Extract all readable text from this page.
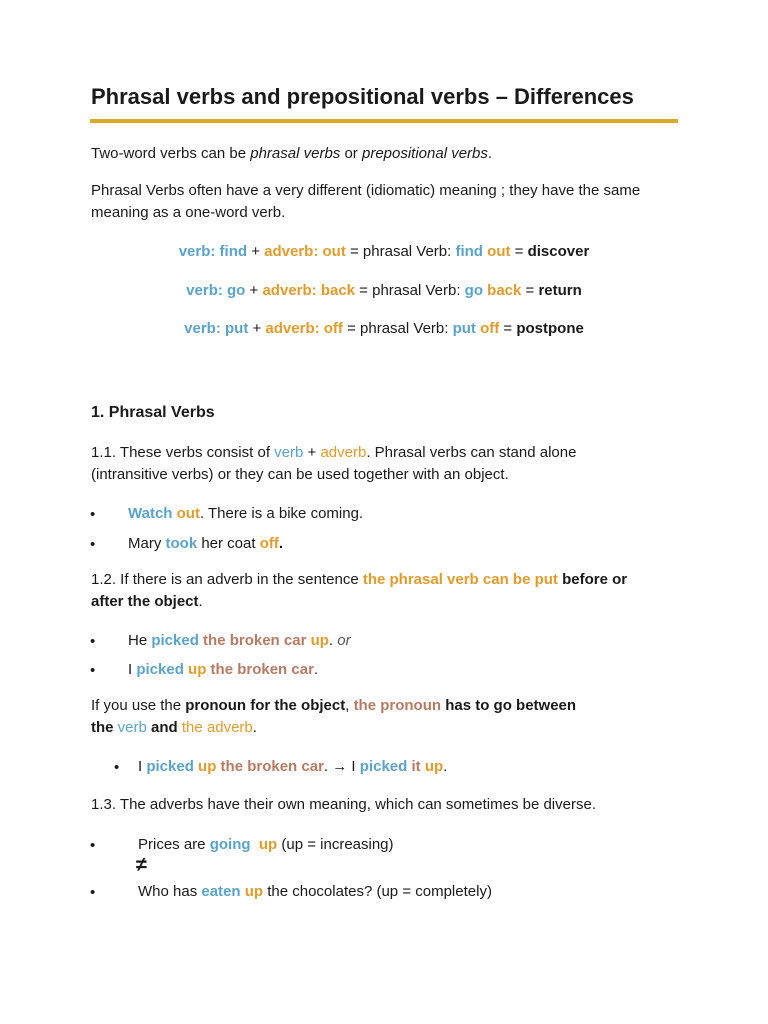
Phrasal verbs and prepositional verbs – Differences
Two-word verbs can be phrasal verbs or prepositional verbs.
Phrasal Verbs often have a very different (idiomatic) meaning ; they have the same
meaning as a one-word verb.
verb: find + adverb: out = phrasal Verb: find out = discover
verb: go + adverb: back = phrasal Verb: go back = return
verb: put + adverb: off = phrasal Verb: put off = postpone
1. Phrasal Verbs
1.1. These verbs consist of verb + adverb. Phrasal verbs can stand alone
(intransitive verbs) or they can be used together with an object.
• Watch out. There is a bike coming.
• Mary took her coat off.
1.2. If there is an adverb in the sentence the phrasal verb can be put before or
after the object.
• He picked the broken car up. or
• I picked up the broken car.
If you use the pronoun for the object, the pronoun has to go between
the verb and the adverb.
• I picked up the broken car. → I picked it up.
1.3. The adverbs have their own meaning, which can sometimes be diverse.
•	Prices are going  up (up = increasing)
≠
•	Who has eaten up the chocolates? (up = completely)
